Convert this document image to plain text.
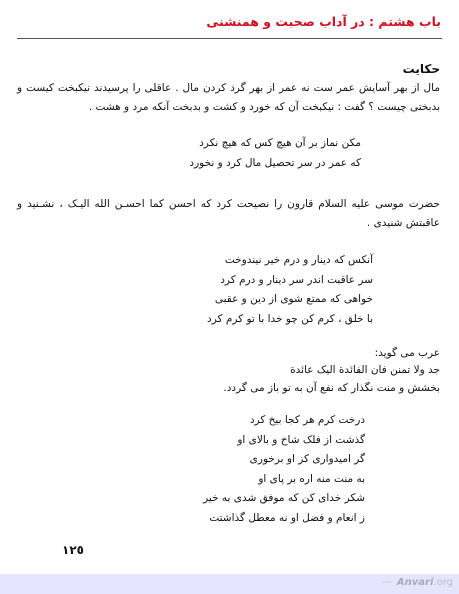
باب هشتم : در آداب صحبت و همنشنی
حکایت
مال از بهر آسایش عمر ست نه عمر از بهر گرد کردن مال . عاقلی را پرسیدند نیکبخت کیست و بدبختی چیست ؟ گفت : نیکبخت آن که خورد و کشت و بدبخت آنکه مرد و هشت .
مکن نماز بر آن هیچ کس که هیچ نکرد
که عمر در سر تحصیل مال کرد و نخورد
حضرت موسی علیه السلام قارون را نصیحت کرد که احسن کما احسـن الله الیـک ، نشـنید و عاقبتش شنیدی .
آنکس که دینار و درم خیر نیندوخت
سر عاقبت اندر سر دینار و درم کرد
خواهی که ممتع شوی از دین و عقبی
با خلق ، کرم کن چو خدا با تو کرم کرد
عرب می گوید:
جد ولا تمنن فان الفائدة الیک عائدة
بخشش و منت نگذار که نفع آن به تو باز می گردد.
درخت کرم هر کجا بیخ کرد
گذشت از فلک شاخ و بالای او
گر امیدواری کز او برخوری
به منت منه اره بر پای او
شکر خدای کن که موفق شدی به خیر
ز انعام و فضل او نه معطل گذاشتت
١٢٥
---- Anvari.org
